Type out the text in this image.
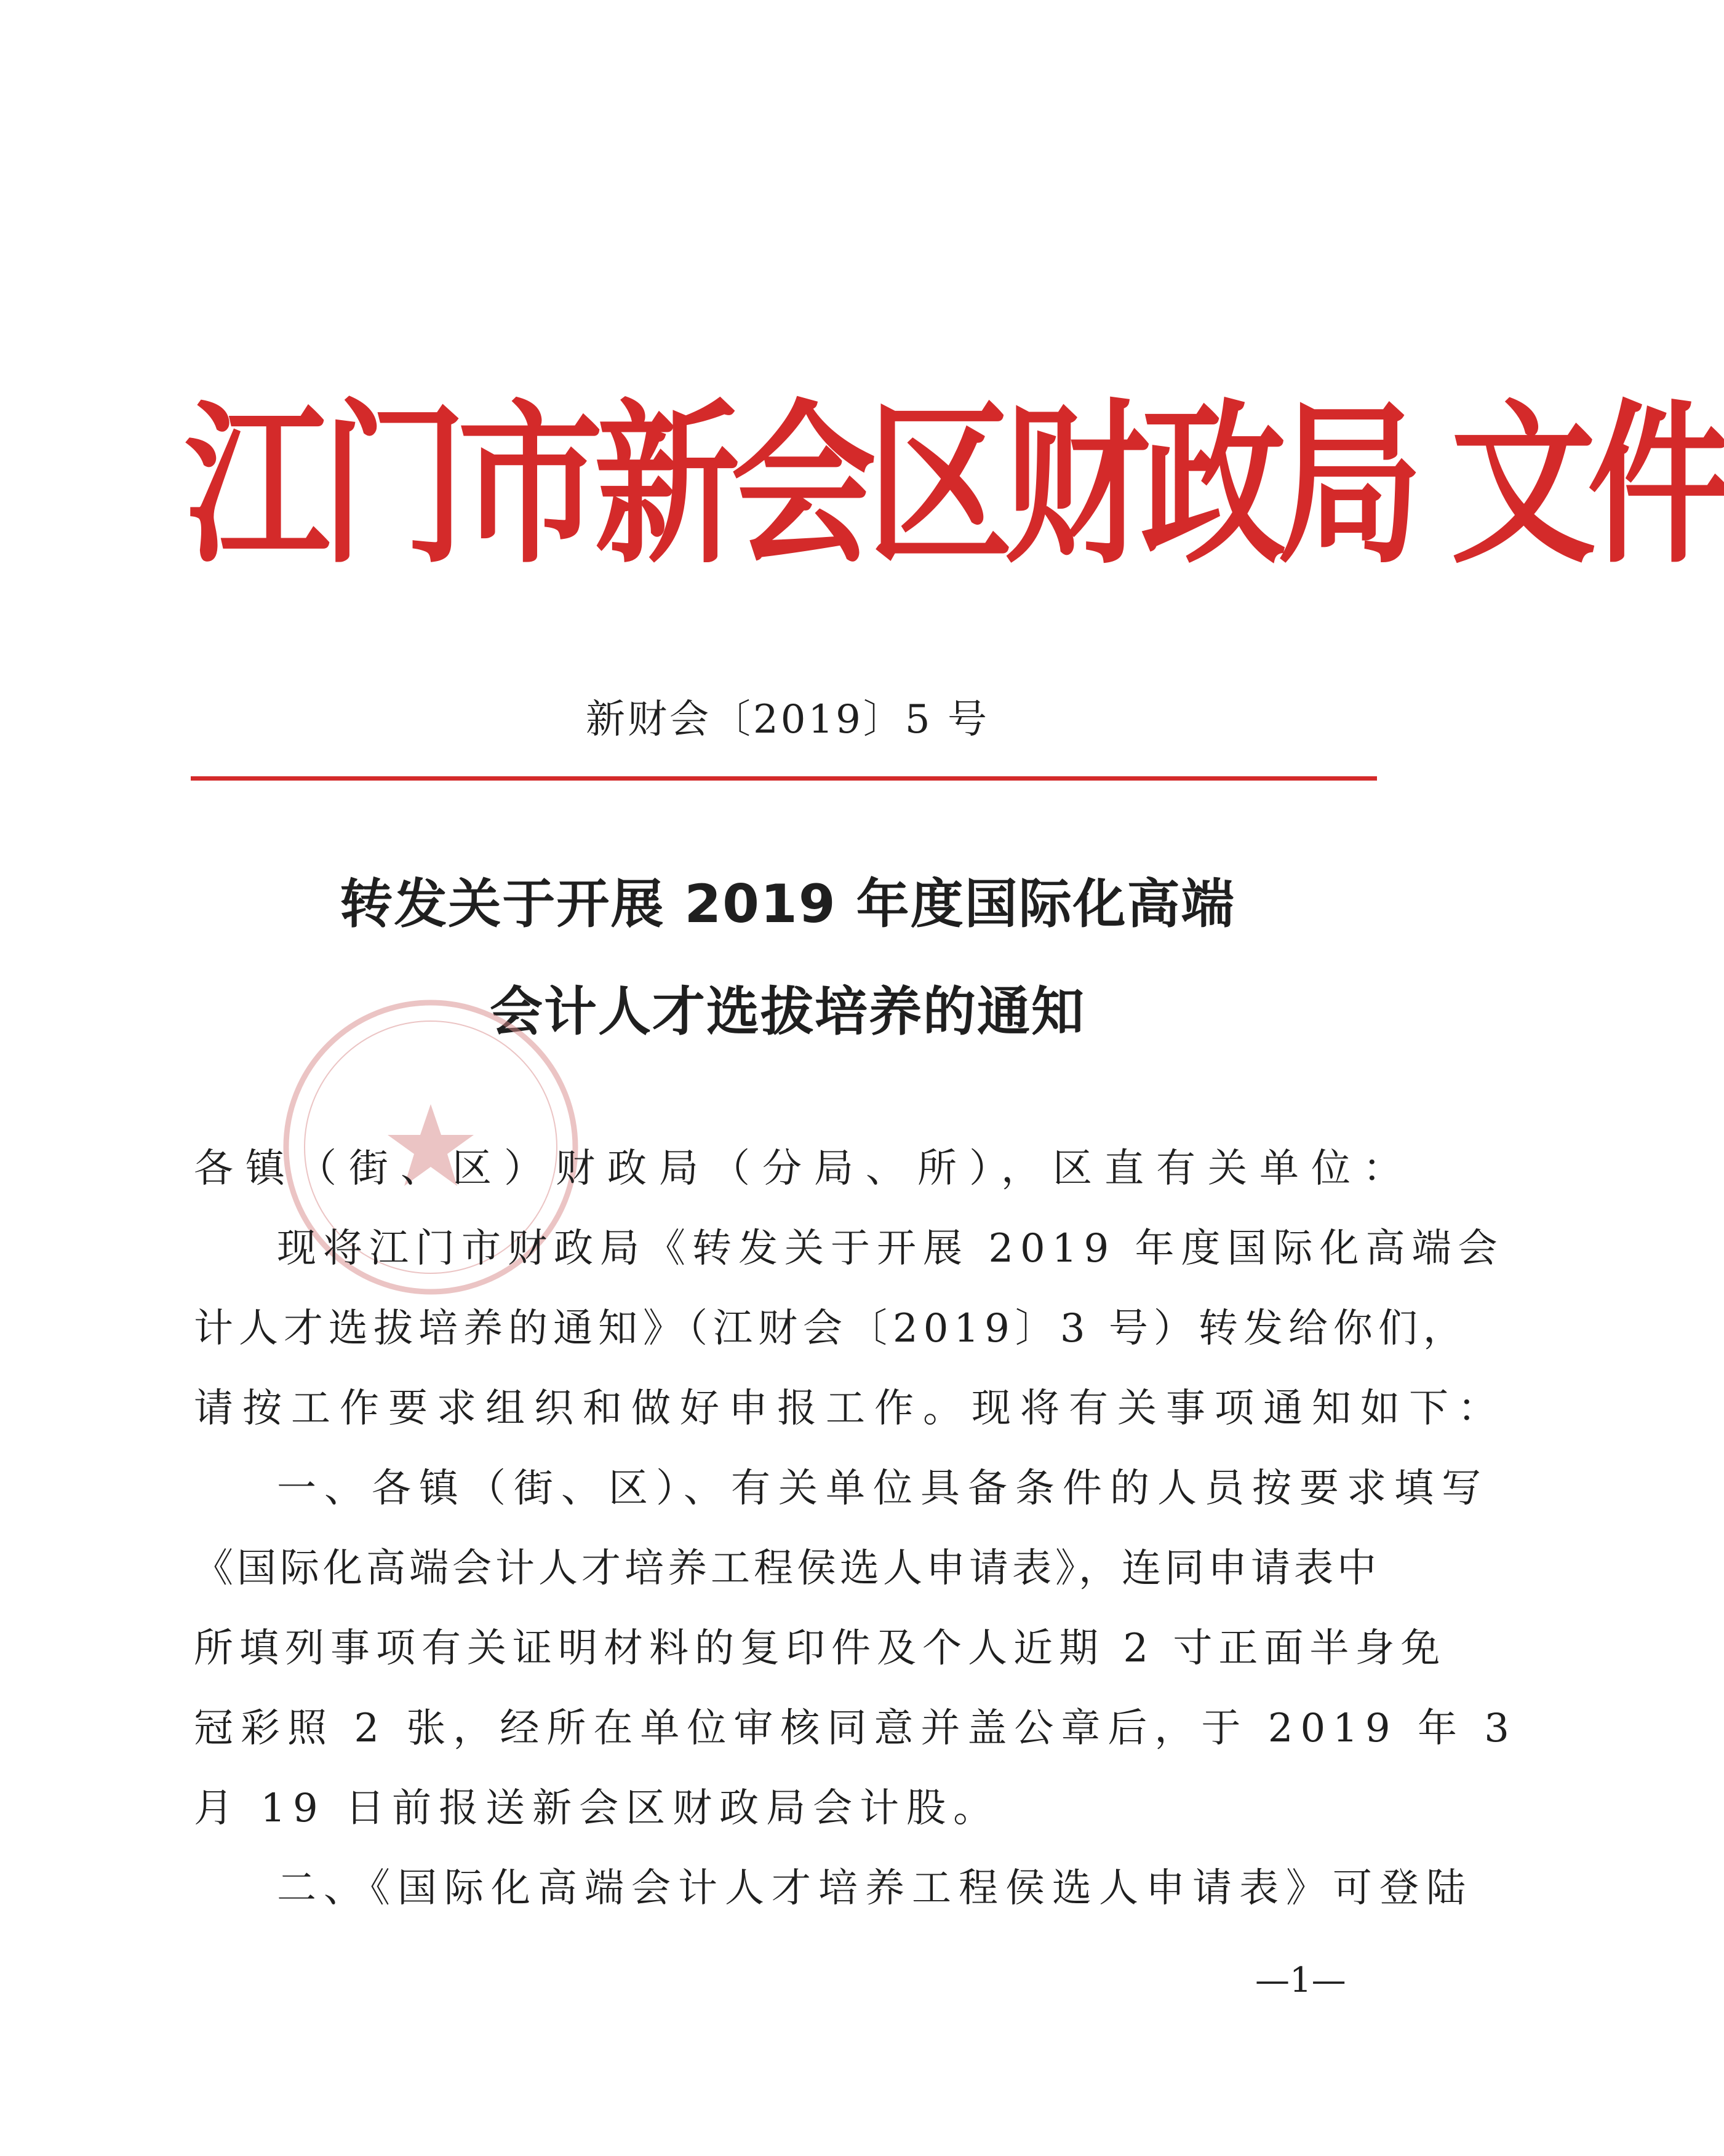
江门市新会区财政局 文件
新财会〔2019〕5 号
转发关于开展 2019 年度国际化高端
会计人才选拔培养的通知
各镇（街、区）财政局（分局、所），区直有关单位：
现将江门市财政局《转发关于开展 2019 年度国际化高端会
计人才选拔培养的通知》（江财会〔2019〕3 号）转发给你们，
请按工作要求组织和做好申报工作。现将有关事项通知如下：
一、各镇（街、区）、有关单位具备条件的人员按要求填写
《国际化高端会计人才培养工程侯选人申请表》，连同申请表中
所填列事项有关证明材料的复印件及个人近期 2 寸正面半身免
冠彩照 2 张，经所在单位审核同意并盖公章后，于 2019 年 3
月 19 日前报送新会区财政局会计股。
二、《国际化高端会计人才培养工程侯选人申请表》可登陆
—1—
